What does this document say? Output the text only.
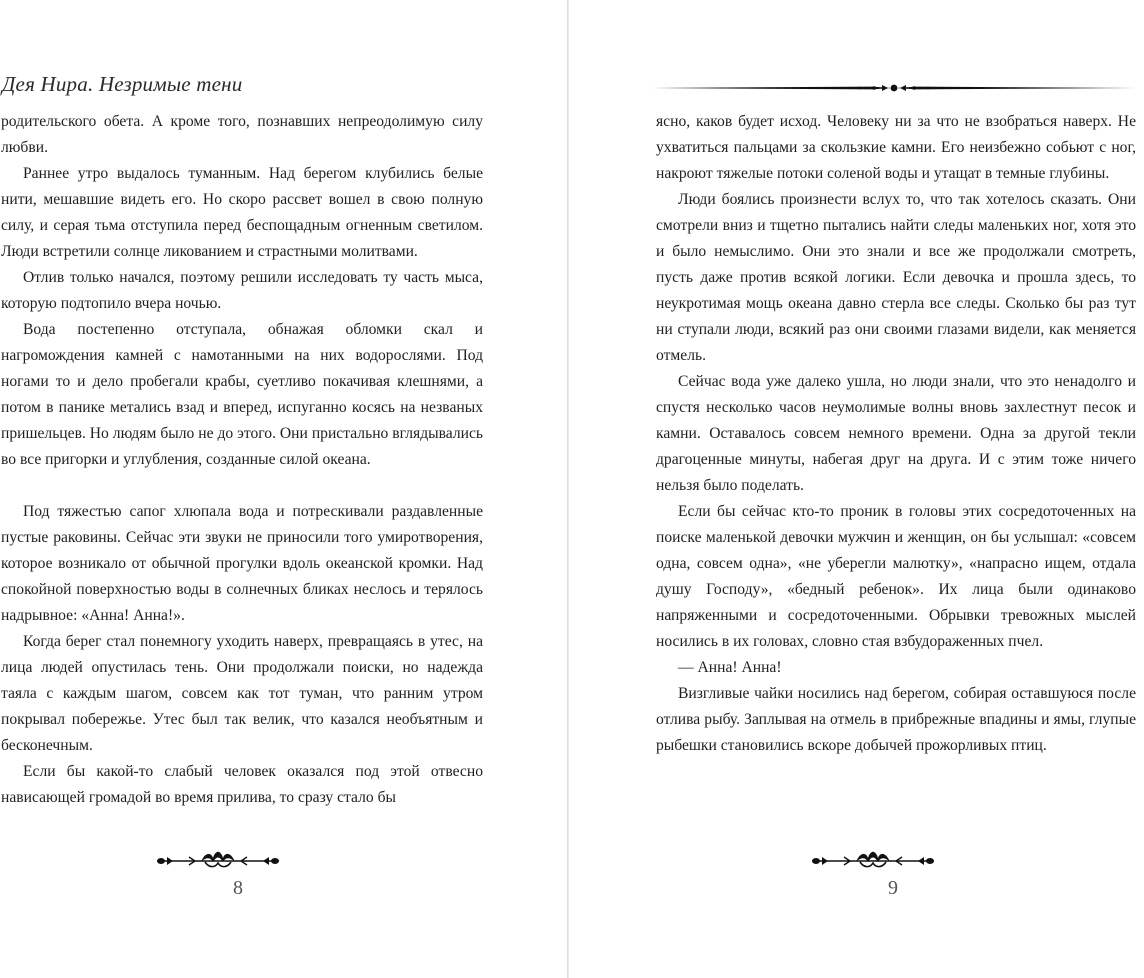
Дея Нира. Незримые тени

родительского обета. А кроме того, познавших непреодолимую силу любви.

Раннее утро выдалось туманным. Над берегом клубились белые нити, мешавшие видеть его. Но скоро рассвет вошел в свою полную силу, и серая тьма отступила перед беспощадным огненным светилом. Люди встретили солнце ликованием и страстными молитвами.

Отлив только начался, поэтому решили исследовать ту часть мыса, которую подтопило вчера ночью.

Вода постепенно отступала, обнажая обломки скал и нагромождения камней с намотанными на них водорослями. Под ногами то и дело пробегали крабы, суетливо покачивая клешнями, а потом в панике метались взад и вперед, испуганно косясь на незваных пришельцев. Но людям было не до этого. Они пристально вглядывались во все пригорки и углубления, созданные силой океана.

Под тяжестью сапог хлюпала вода и потрескивали раздавленные пустые раковины. Сейчас эти звуки не приносили того умиротворения, которое возникало от обычной прогулки вдоль океанской кромки. Над спокойной поверхностью воды в солнечных бликах неслось и терялось надрывное: «Анна! Анна!».

Когда берег стал понемногу уходить наверх, превращаясь в утес, на лица людей опустилась тень. Они продолжали поиски, но надежда таяла с каждым шагом, совсем как тот туман, что ранним утром покрывал побережье. Утес был так велик, что казался необъятным и бесконечным.

Если бы какой-то слабый человек оказался под этой отвесно нависающей громадой во время прилива, то сразу стало бы

8

ясно, каков будет исход. Человеку ни за что не взобраться наверх. Не ухватиться пальцами за скользкие камни. Его неизбежно собьют с ног, накроют тяжелые потоки соленой воды и утащат в темные глубины.

Люди боялись произнести вслух то, что так хотелось сказать. Они смотрели вниз и тщетно пытались найти следы маленьких ног, хотя это и было немыслимо. Они это знали и все же продолжали смотреть, пусть даже против всякой логики. Если девочка и прошла здесь, то неукротимая мощь океана давно стерла все следы. Сколько бы раз тут ни ступали люди, всякий раз они своими глазами видели, как меняется отмель.

Сейчас вода уже далеко ушла, но люди знали, что это ненадолго и спустя несколько часов неумолимые волны вновь захлестнут песок и камни. Оставалось совсем немного времени. Одна за другой текли драгоценные минуты, набегая друг на друга. И с этим тоже ничего нельзя было поделать.

Если бы сейчас кто-то проник в головы этих сосредоточенных на поиске маленькой девочки мужчин и женщин, он бы услышал: «совсем одна, совсем одна», «не уберегли малютку», «напрасно ищем, отдала душу Господу», «бедный ребенок». Их лица были одинаково напряженными и сосредоточенными. Обрывки тревожных мыслей носились в их головах, словно стая взбудораженных пчел.

— Анна! Анна!

Визгливые чайки носились над берегом, собирая оставшуюся после отлива рыбу. Заплывая на отмель в прибрежные впадины и ямы, глупые рыбешки становились вскоре добычей прожорливых птиц.

9
